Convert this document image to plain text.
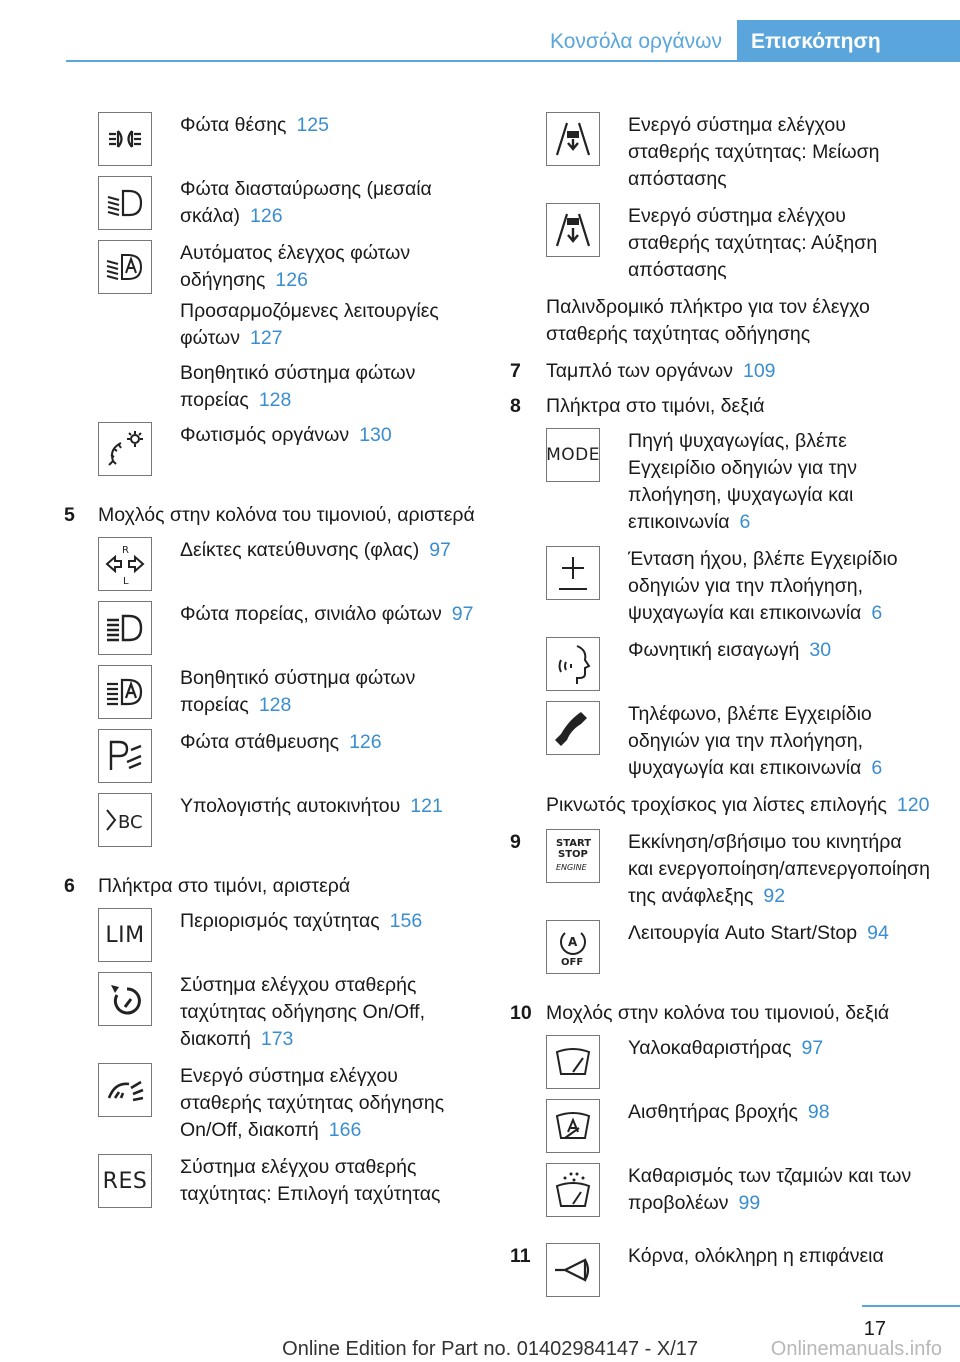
Κονσόλα οργάνων	Επισκόπηση
Φώτα θέσης 125
Φώτα διασταύρωσης (μεσαία σκάλα) 126
Αυτόματος έλεγχος φώτων οδήγησης 126
Προσαρμοζόμενες λειτουργίες φώτων 127
Βοηθητικό σύστημα φώτων πορείας 128
Φωτισμός οργάνων 130
5 Μοχλός στην κολόνα του τιμονιού, αριστερά
R
L
Δείκτες κατεύθυνσης (φλας) 97
Φώτα πορείας, σινιάλο φώτων 97
Βοηθητικό σύστημα φώτων πορείας 128
Φώτα στάθμευσης 126
BC
Υπολογιστής αυτοκινήτου 121
6 Πλήκτρα στο τιμόνι, αριστερά
LIM
Περιορισμός ταχύτητας 156
Σύστημα ελέγχου σταθερής ταχύτητας οδήγησης On/Off, διακοπή 173
Ενεργό σύστημα ελέγχου σταθερής ταχύτητας οδήγησης On/Off, διακοπή 166
RES
Σύστημα ελέγχου σταθερής ταχύτητας: Επιλογή ταχύτητας
Ενεργό σύστημα ελέγχου σταθερής ταχύτητας: Μείωση απόστασης
Ενεργό σύστημα ελέγχου σταθερής ταχύτητας: Αύξηση απόστασης
Παλινδρομικό πλήκτρο για τον έλεγχο σταθερής ταχύτητας οδήγησης
7 Ταμπλό των οργάνων 109
8 Πλήκτρα στο τιμόνι, δεξιά
MODE
Πηγή ψυχαγωγίας, βλέπε Εγχειρίδιο οδηγιών για την πλοήγηση, ψυχαγωγία και επικοινωνία 6
Ένταση ήχου, βλέπε Εγχειρίδιο οδηγιών για την πλοήγηση, ψυχαγωγία και επικοινωνία 6
Φωνητική εισαγωγή 30
Τηλέφωνο, βλέπε Εγχειρίδιο οδηγιών για την πλοήγηση, ψυχαγωγία και επικοινωνία 6
Ρικνωτός τροχίσκος για λίστες επιλογής 120
9	START
STOP
ENGINE
Εκκίνηση/σβήσιμο του κινητήρα και ενεργοποίηση/απενεργοποίηση της ανάφλεξης 92
A
OFF
Λειτουργία Auto Start/Stop 94
10 Μοχλός στην κολόνα του τιμονιού, δεξιά
Υαλοκαθαριστήρας 97
Αισθητήρας βροχής 98
Καθαρισμός των τζαμιών και των προβολέων 99
11	Κόρνα, ολόκληρη η επιφάνεια
17
Online Edition for Part no. 01402984147 - X/17	Onlinemanuals.info
